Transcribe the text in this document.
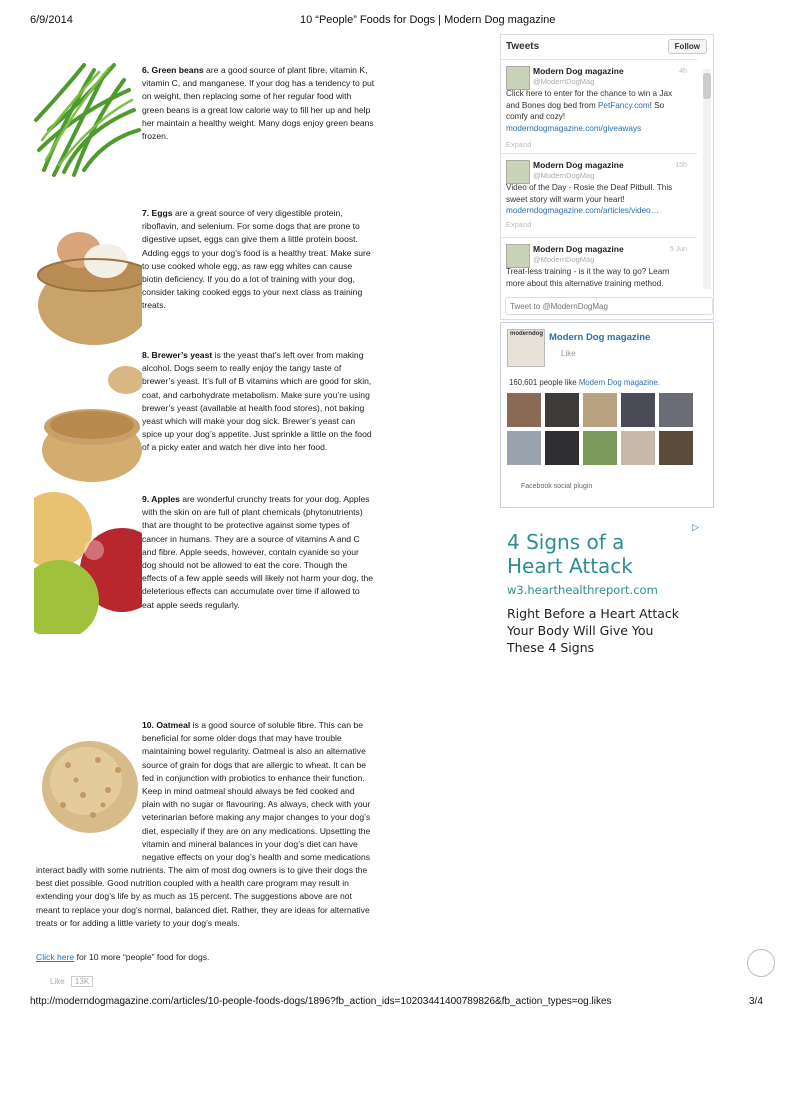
6/9/2014	10 “People” Foods for Dogs | Modern Dog magazine

6. Green beans are a good source of plant fibre, vitamin K,
vitamin C, and manganese. If your dog has a tendency to put
on weight, then replacing some of her regular food with
green beans is a great low calorie way to fill her up and help
her maintain a healthy weight. Many dogs enjoy green beans
frozen.

7. Eggs are a great source of very digestible protein,
riboflavin, and selenium. For some dogs that are prone to
digestive upset, eggs can give them a little protein boost.
Adding eggs to your dog’s food is a healthy treat. Make sure
to use cooked whole egg, as raw egg whites can cause
biotin deficiency. If you do a lot of training with your dog,
consider taking cooked eggs to your next class as training
treats.

8. Brewer’s yeast is the yeast that’s left over from making
alcohol. Dogs seem to really enjoy the tangy taste of
brewer’s yeast. It’s full of B vitamins which are good for skin,
coat, and carbohydrate metabolism. Make sure you’re using
brewer’s yeast (available at health food stores), not baking
yeast which will make your dog sick. Brewer’s yeast can
spice up your dog’s appetite. Just sprinkle a little on the food
of a picky eater and watch her dive into her food.

9. Apples are wonderful crunchy treats for your dog. Apples
with the skin on are full of plant chemicals (phytonutrients)
that are thought to be protective against some types of
cancer in humans. They are a source of vitamins A and C
and fibre. Apple seeds, however, contain cyanide so your
dog should not be allowed to eat the core. Though the
effects of a few apple seeds will likely not harm your dog, the
deleterious effects can accumulate over time if allowed to
eat apple seeds regularly.

10. Oatmeal is a good source of soluble fibre. This can be
beneficial for some older dogs that may have trouble
maintaining bowel regularity. Oatmeal is also an alternative
source of grain for dogs that are allergic to wheat. It can be
fed in conjunction with probiotics to enhance their function.
Keep in mind oatmeal should always be fed cooked and
plain with no sugar or flavouring. As always, check with your
veterinarian before making any major changes to your dog’s
diet, especially if they are on any medications. Upsetting the
vitamin and mineral balances in your dog’s diet can have
negative effects on your dog’s health and some medications

interact badly with some nutrients. The aim of most dog owners is to give their dogs the
best diet possible. Good nutrition coupled with a health care program may result in
extending your dog’s life by as much as 15 percent. The suggestions above are not
meant to replace your dog’s normal, balanced diet. Rather, they are ideas for alternative
treats or for adding a little variety to your dog’s meals.

Click here for 10 more “people” food for dogs.

Like 13K
Tweets	Follow
Modern Dog magazine
@ModernDogMag
4h
Click here to enter for the chance to win a Jax
and Bones dog bed from PetFancy.com! So
comfy and cozy!
moderndogmagazine.com/giveaways
Expand
Modern Dog magazine
@ModernDogMag
15h
Video of the Day - Rosie the Deaf Pitbull. This
sweet story will warm your heart!
moderndogmagazine.com/articles/video…
Expand
Modern Dog magazine
@ModernDogMag
5 Jun
Treat-less training - is it the way to go? Learn
more about this alternative training method.
Tweet to @ModernDogMag
moderndog Modern Dog magazine
Like
160,601 people like Modern Dog magazine.
Facebook social plugin
▷
4 Signs of a
Heart Attack
w3.hearthealthreport.com
Right Before a Heart Attack
Your Body Will Give You
These 4 Signs
http://moderndogmagazine.com/articles/10-people-foods-dogs/1896?fb_action_ids=10203441400789826&fb_action_types=og.likes	3/4
